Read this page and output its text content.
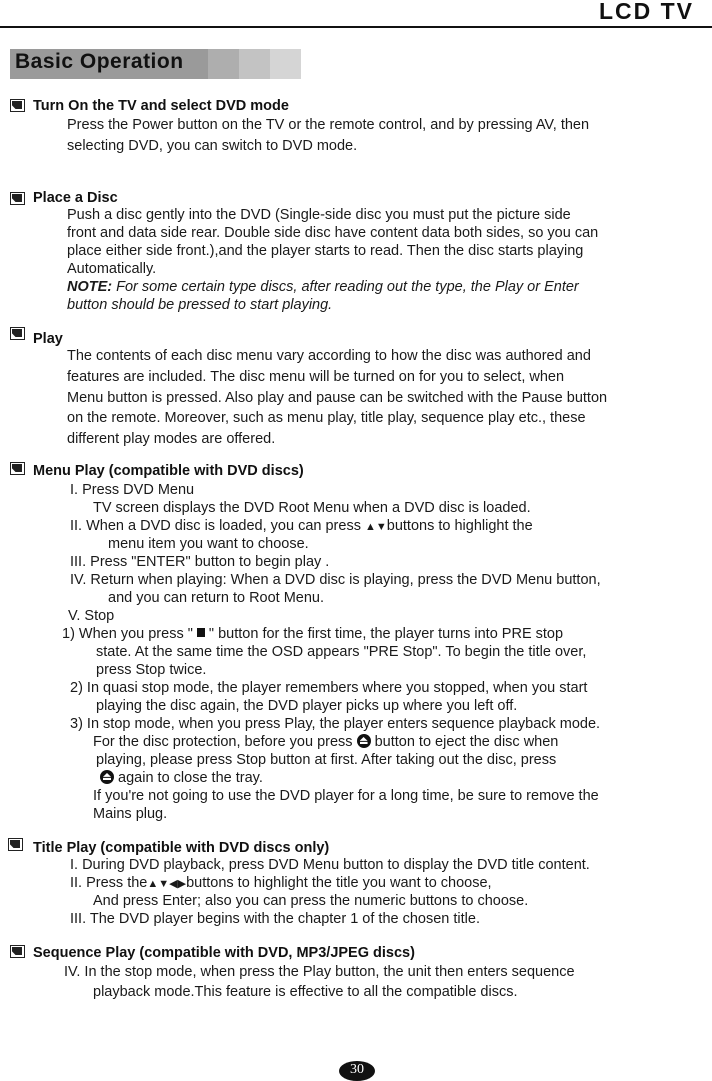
LCD TV
Basic Operation
Turn On the TV and select DVD mode
Press the Power button on the TV or the remote control, and by pressing AV, then
selecting DVD, you can switch to DVD mode.
Place a Disc
Push a disc gently into the DVD (Single-side disc you must put the picture side
front and data side rear. Double side disc have content data both sides, so you can
place either side front.),and the player starts to read. Then the disc starts playing
Automatically.
NOTE: For some certain type discs, after reading out the type, the Play or Enter
button should be pressed to start playing.
Play
The contents of each disc menu vary according to how the disc was authored and
features are included. The disc menu will be turned on for you to select, when
Menu button is pressed. Also play and pause can be switched with the Pause button
on the remote. Moreover, such as menu play, title play, sequence play etc., these
different play modes are offered.
Menu Play (compatible with DVD discs)
I. Press DVD Menu
TV screen displays the DVD Root Menu when a DVD disc is loaded.
II. When a DVD disc is loaded, you can press ▲▼buttons to highlight the
menu item you want to choose.
III. Press "ENTER" button to begin play .
IV. Return when playing: When a DVD disc is playing, press the DVD Menu button,
and you can return to Root Menu.
V. Stop
1) When you press "  " button for the first time, the player turns into PRE stop
state. At the same time the OSD appears "PRE Stop". To begin the title over,
press Stop twice.
2) In quasi stop mode, the player remembers where you stopped, when you start
playing the disc again, the DVD player picks up where you left off.
3) In stop mode, when you press Play, the player enters sequence playback mode.
For the disc protection, before you press  button to eject the disc when
playing, please press Stop button at first. After taking out the disc, press
again to close the tray.
If you're not going to use the DVD player for a long time, be sure to remove the
Mains plug.
Title Play (compatible with DVD discs only)
I. During DVD playback, press DVD Menu button to display the DVD title content.
II. Press the▲▼◀▶buttons to highlight the title you want to choose,
And press Enter; also you can press the numeric buttons to choose.
III. The DVD player begins with the chapter 1 of the chosen title.
Sequence Play (compatible with DVD, MP3/JPEG discs)
IV. In the stop mode, when press the Play button, the unit then enters sequence
playback mode.This feature is effective to all the compatible discs.
30
